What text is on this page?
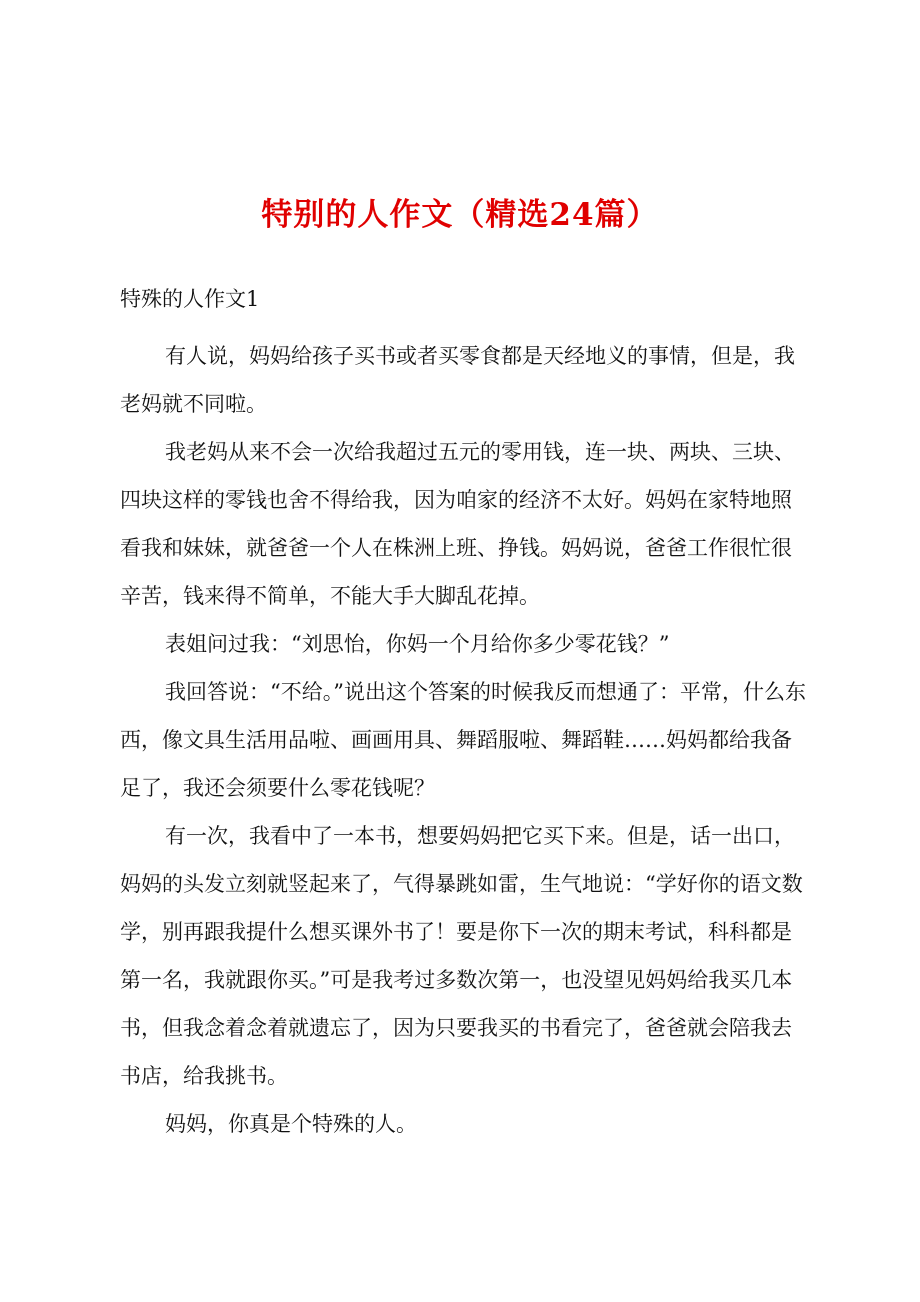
特别的人作文（精选24篇）
特殊的人作文1

有人说，妈妈给孩子买书或者买零食都是天经地义的事情，但是，我老妈就不同啦。

我老妈从来不会一次给我超过五元的零用钱，连一块、两块、三块、四块这样的零钱也舍不得给我，因为咱家的经济不太好。妈妈在家特地照看我和妹妹，就爸爸一个人在株洲上班、挣钱。妈妈说，爸爸工作很忙很辛苦，钱来得不简单，不能大手大脚乱花掉。

表姐问过我：“刘思怡，你妈一个月给你多少零花钱？”

我回答说：“不给。”说出这个答案的时候我反而想通了：平常，什么东西，像文具生活用品啦、画画用具、舞蹈服啦、舞蹈鞋……妈妈都给我备足了，我还会须要什么零花钱呢？

有一次，我看中了一本书，想要妈妈把它买下来。但是，话一出口，妈妈的头发立刻就竖起来了，气得暴跳如雷，生气地说：“学好你的语文数学，别再跟我提什么想买课外书了！要是你下一次的期末考试，科科都是第一名，我就跟你买。”可是我考过多数次第一，也没望见妈妈给我买几本书，但我念着念着就遗忘了，因为只要我买的书看完了，爸爸就会陪我去书店，给我挑书。

妈妈，你真是个特殊的人。
